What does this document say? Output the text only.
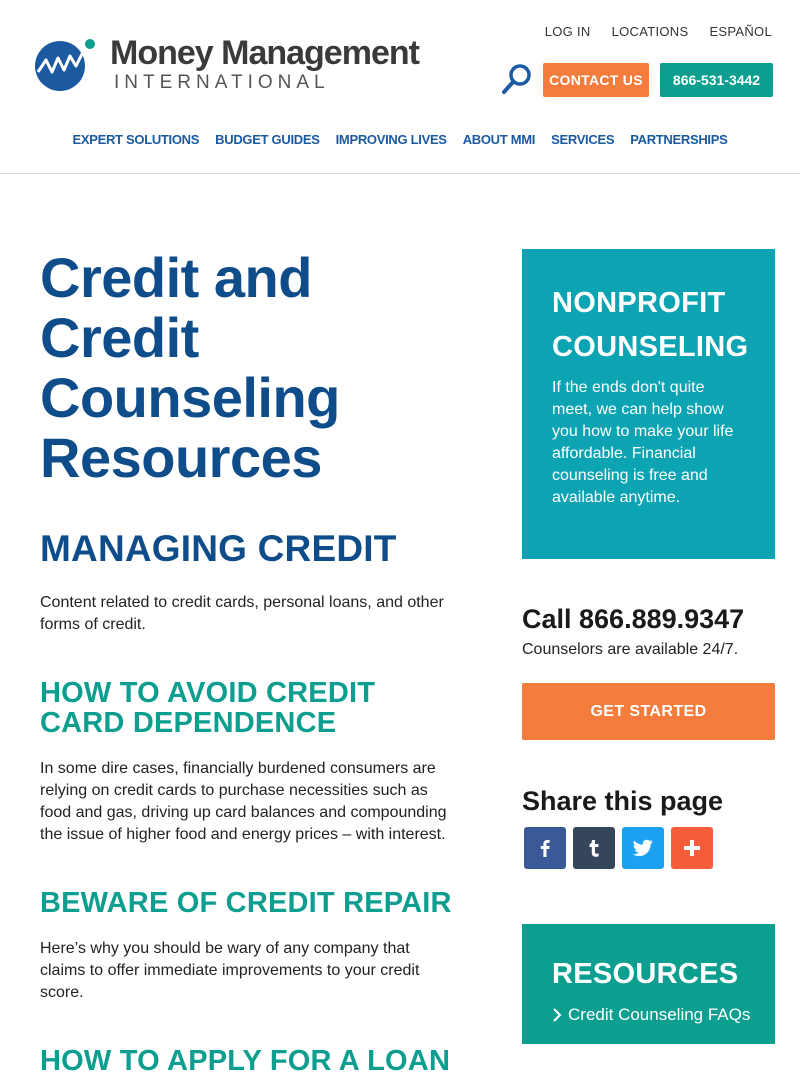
Money Management
INTERNATIONAL
LOG IN LOCATIONS ESPAÑOL
CONTACT US	866-531-3442
EXPERT SOLUTIONS BUDGET GUIDES IMPROVING LIVES ABOUT MMI SERVICES PARTNERSHIPS
Credit and Credit Counseling Resources
MANAGING CREDIT

Content related to credit cards, personal loans, and other forms of credit.

HOW TO AVOID CREDIT CARD DEPENDENCE

In some dire cases, financially burdened consumers are relying on credit cards to purchase necessities such as food and gas, driving up card balances and compounding the issue of higher food and energy prices – with interest.

BEWARE OF CREDIT REPAIR

Here’s why you should be wary of any company that claims to offer immediate improvements to your credit score.

HOW TO APPLY FOR A LOAN
NONPROFIT COUNSELING

If the ends don't quite meet, we can help show you how to make your life affordable. Financial counseling is free and available anytime.

Call 866.889.9347

Counselors are available 24/7.

GET STARTED
Share this page
RESOURCES
Credit Counseling FAQs
